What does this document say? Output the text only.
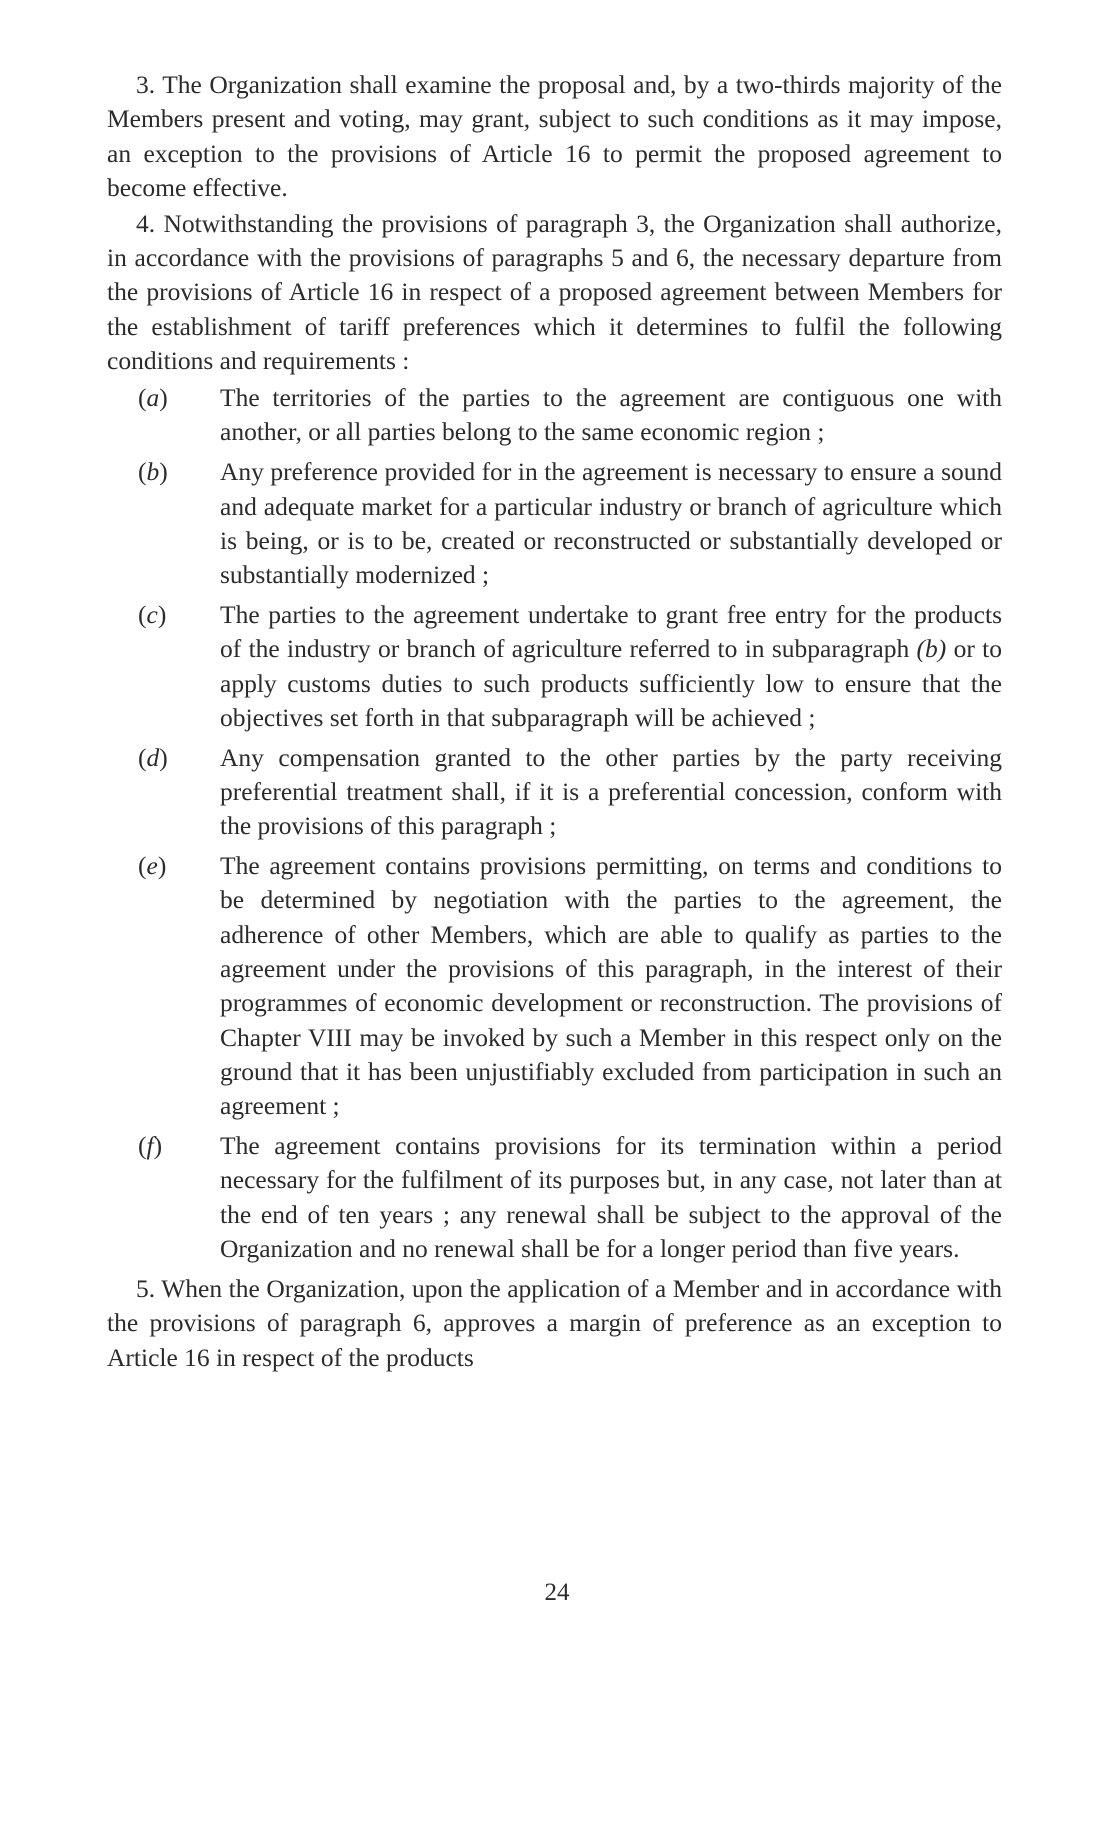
3. The Organization shall examine the proposal and, by a two-thirds majority of the Members present and voting, may grant, subject to such conditions as it may impose, an exception to the provisions of Article 16 to permit the proposed agreement to become effective.

4. Notwithstanding the provisions of paragraph 3, the Organization shall authorize, in accordance with the provisions of paragraphs 5 and 6, the necessary departure from the provisions of Article 16 in respect of a proposed agreement between Members for the establishment of tariff preferences which it determines to fulfil the following conditions and requirements :

(a)	The territories of the parties to the agreement are contiguous one with another, or all parties belong to the same economic region ;
(b)	Any preference provided for in the agreement is necessary to ensure a sound and adequate market for a particular industry or branch of agriculture which is being, or is to be, created or reconstructed or substantially developed or substantially modernized ;
(c)	The parties to the agreement undertake to grant free entry for the products of the industry or branch of agriculture referred to in subparagraph (b) or to apply customs duties to such products sufficiently low to ensure that the objectives set forth in that subparagraph will be achieved ;
(d)	Any compensation granted to the other parties by the party receiving preferential treatment shall, if it is a preferential concession, conform with the provisions of this paragraph ;
(e)	The agreement contains provisions permitting, on terms and conditions to be determined by negotiation with the parties to the agreement, the adherence of other Members, which are able to qualify as parties to the agreement under the provisions of this paragraph, in the interest of their programmes of economic development or reconstruction. The provisions of Chapter VIII may be invoked by such a Member in this respect only on the ground that it has been unjustifiably excluded from participation in such an agreement ;
(f)	The agreement contains provisions for its termination within a period necessary for the fulfilment of its purposes but, in any case, not later than at the end of ten years ; any renewal shall be subject to the approval of the Organization and no renewal shall be for a longer period than five years.

5. When the Organization, upon the application of a Member and in accordance with the provisions of paragraph 6, approves a margin of preference as an exception to Article 16 in respect of the products

24
